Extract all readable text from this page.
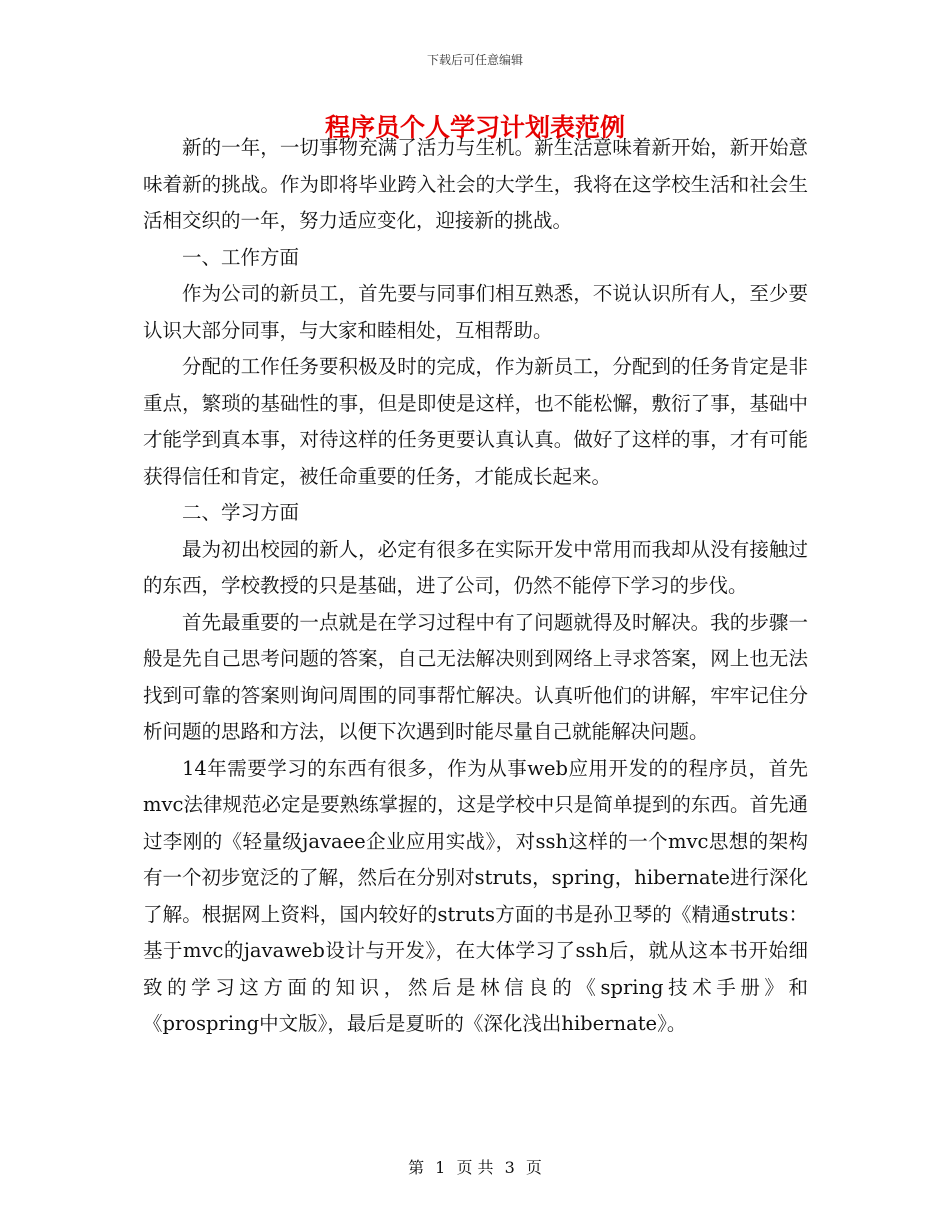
下载后可任意编辑
程序员个人学习计划表范例

新的一年，一切事物充满了活力与生机。新生活意味着新开始，新开始意味着新的挑战。作为即将毕业跨入社会的大学生，我将在这学校生活和社会生活相交织的一年，努力适应变化，迎接新的挑战。

一、工作方面

作为公司的新员工，首先要与同事们相互熟悉，不说认识所有人，至少要认识大部分同事，与大家和睦相处，互相帮助。

分配的工作任务要积极及时的完成，作为新员工，分配到的任务肯定是非重点，繁琐的基础性的事，但是即使是这样，也不能松懈，敷衍了事，基础中才能学到真本事，对待这样的任务更要认真认真。做好了这样的事，才有可能获得信任和肯定，被任命重要的任务，才能成长起来。

二、学习方面

最为初出校园的新人，必定有很多在实际开发中常用而我却从没有接触过的东西，学校教授的只是基础，进了公司，仍然不能停下学习的步伐。

首先最重要的一点就是在学习过程中有了问题就得及时解决。我的步骤一般是先自己思考问题的答案，自己无法解决则到网络上寻求答案，网上也无法找到可靠的答案则询问周围的同事帮忙解决。认真听他们的讲解，牢牢记住分析问题的思路和方法，以便下次遇到时能尽量自己就能解决问题。

14年需要学习的东西有很多，作为从事web应用开发的的程序员，首先mvc法律规范必定是要熟练掌握的，这是学校中只是简单提到的东西。首先通过李刚的《轻量级javaee企业应用实战》，对ssh这样的一个mvc思想的架构有一个初步宽泛的了解，然后在分别对struts，spring，hibernate进行深化了解。根据网上资料，国内较好的struts方面的书是孙卫琴的《精通struts：基于mvc的javaweb设计与开发》，在大体学习了ssh后，就从这本书开始细致的学习这方面的知识，然后是林信良的《spring技术手册》和《prospring中文版》，最后是夏昕的《深化浅出hibernate》。

第 1 页 共 3 页
